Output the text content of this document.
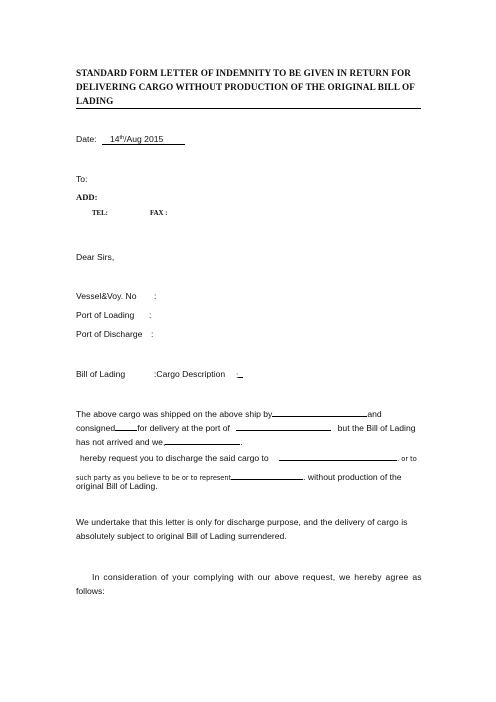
STANDARD FORM LETTER OF INDEMNITY TO BE GIVEN IN RETURN FOR
DELIVERING CARGO WITHOUT PRODUCTION OF THE ORIGINAL BILL OF
LADING
Date: 14th/Aug 2015
To:
ADD:
TEL:	FAX :
Dear Sirs,
Vessel&Voy. No :
Port of Loading :
Port of Discharge :
Bill of Lading	:Cargo Description :
The above cargo was shipped on the above ship by	and
consigned	for delivery at the port of	but the Bill of Lading
has not arrived and we,	.
hereby request you to discharge the said cargo to	. or to
such party as you believe to be or to represent	. without production of the
original Bill of Lading.
We undertake that this letter is only for discharge purpose, and the delivery of cargo is
absolutely subject to original Bill of Lading surrendered.
In consideration of your complying with our above request, we hereby agree as
follows:
